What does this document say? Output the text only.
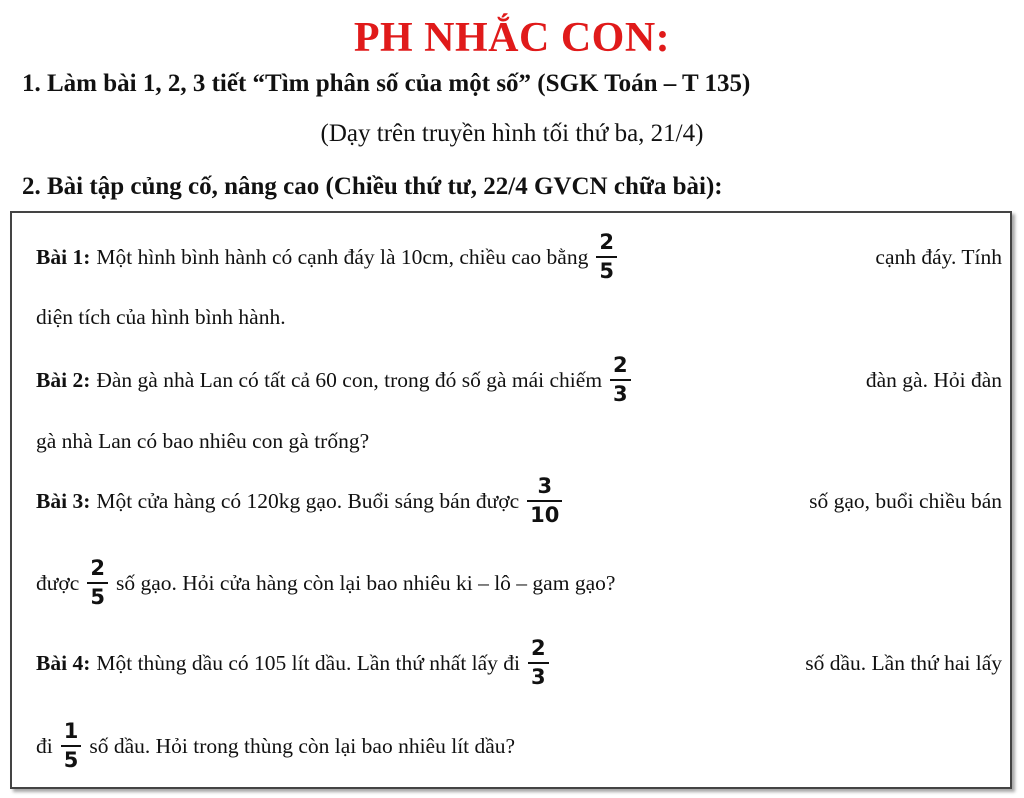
PH NHẮC CON:
1. Làm bài 1, 2, 3 tiết “Tìm phân số của một số” (SGK Toán – T 135)
(Dạy trên truyền hình tối thứ ba, 21/4)
2. Bài tập củng cố, nâng cao (Chiều thứ tư, 22/4 GVCN chữa bài):
Bài 1: Một hình bình hành có cạnh đáy là 10cm, chiều cao bằng $\frac{2}{5}$	cạnh đáy. Tính
diện tích của hình bình hành.
Bài 2: Đàn gà nhà Lan có tất cả 60 con, trong đó số gà mái chiếm $\frac{2}{3}$	đàn gà. Hỏi đàn
gà nhà Lan có bao nhiêu con gà trống?
Bài 3: Một cửa hàng có 120kg gạo. Buổi sáng bán được $\frac{3}{10}$	số gạo, buổi chiều bán
được $\frac{2}{5}$ số gạo. Hỏi cửa hàng còn lại bao nhiêu ki – lô – gam gạo?
Bài 4: Một thùng dầu có 105 lít dầu. Lần thứ nhất lấy đi $\frac{2}{3}$	số dầu. Lần thứ hai lấy
đi $\frac{1}{5}$ số dầu. Hỏi trong thùng còn lại bao nhiêu lít dầu?
